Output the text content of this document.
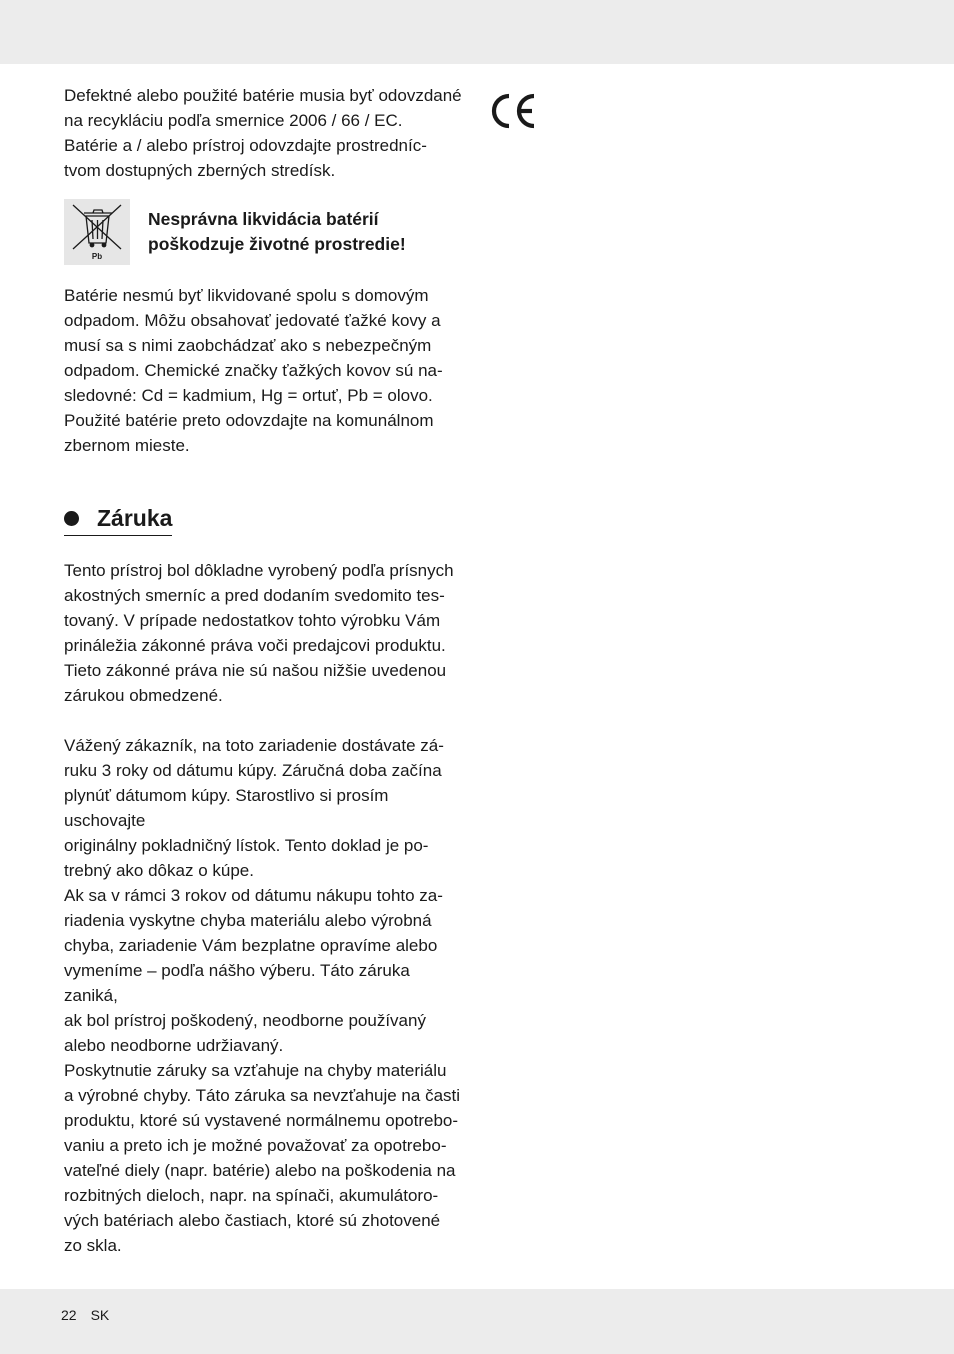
Defektné alebo použité batérie musia byť odovzdané
na recykláciu podľa smernice 2006 / 66 / EC.
Batérie a / alebo prístroj odovzdajte prostredníc-
tvom dostupných zberných stredísk.

Pb
Nesprávna likvidácia batérií
poškodzuje životné prostredie!

Batérie nesmú byť likvidované spolu s domovým
odpadom. Môžu obsahovať jedovaté ťažké kovy a
musí sa s nimi zaobchádzať ako s nebezpečným
odpadom. Chemické značky ťažkých kovov sú na-
sledovné: Cd = kadmium, Hg = ortuť, Pb = olovo.
Použité batérie preto odovzdajte na komunálnom
zbernom mieste.

Záruka

Tento prístroj bol dôkladne vyrobený podľa prísnych
akostných smerníc a pred dodaním svedomito tes-
tovaný. V prípade nedostatkov tohto výrobku Vám
prináležia zákonné práva voči predajcovi produktu.
Tieto zákonné práva nie sú našou nižšie uvedenou
zárukou obmedzené.

Vážený zákazník, na toto zariadenie dostávate zá-
ruku 3 roky od dátumu kúpy. Záručná doba začína
plynúť dátumom kúpy. Starostlivo si prosím uschovajte
originálny pokladničný lístok. Tento doklad je po-
trebný ako dôkaz o kúpe.

Ak sa v rámci 3 rokov od dátumu nákupu tohto za-
riadenia vyskytne chyba materiálu alebo výrobná
chyba, zariadenie Vám bezplatne opravíme alebo
vymeníme – podľa nášho výberu. Táto záruka zaniká,
ak bol prístroj poškodený, neodborne používaný
alebo neodborne udržiavaný.

Poskytnutie záruky sa vzťahuje na chyby materiálu
a výrobné chyby. Táto záruka sa nevzťahuje na časti
produktu, ktoré sú vystavené normálnemu opotrebo-
vaniu a preto ich je možné považovať za opotrebo-
vateľné diely (napr. batérie) alebo na poškodenia na
rozbitných dieloch, napr. na spínači, akumulátoro-
vých batériach alebo častiach, ktoré sú zhotovené
zo skla.

22 SK
